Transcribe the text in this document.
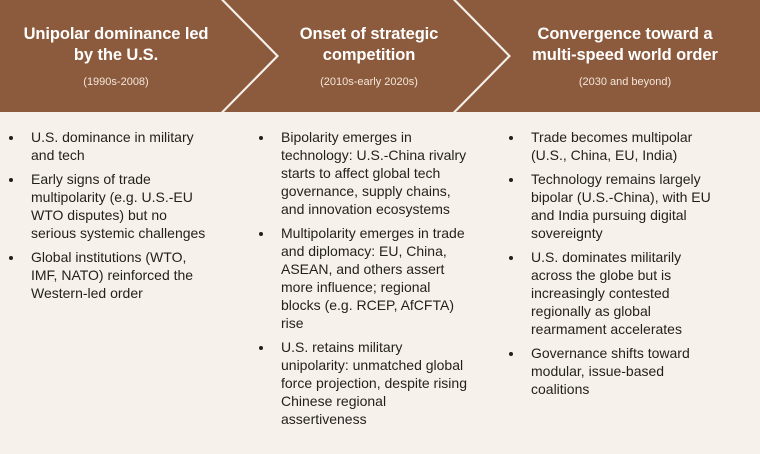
Unipolar dominance led
by the U.S.
(1990s-2008)
Onset of strategic
competition
(2010s-early 2020s)
Convergence toward a
multi-speed world order
(2030 and beyond)
U.S. dominance in military and tech
Early signs of trade multipolarity (e.g. U.S.-EU WTO disputes) but no serious systemic challenges
Global institutions (WTO, IMF, NATO) reinforced the Western-led order
Bipolarity emerges in technology: U.S.-China rivalry starts to affect global tech governance, supply chains, and innovation ecosystems
Multipolarity emerges in trade and diplomacy: EU, China, ASEAN, and others assert more influence; regional blocks (e.g. RCEP, AfCFTA) rise
U.S. retains military unipolarity: unmatched global force projection, despite rising Chinese regional assertiveness
Trade becomes multipolar (U.S., China, EU, India)
Technology remains largely bipolar (U.S.-China), with EU and India pursuing digital sovereignty
U.S. dominates militarily across the globe but is increasingly contested regionally as global rearmament accelerates
Governance shifts toward modular, issue-based coalitions
